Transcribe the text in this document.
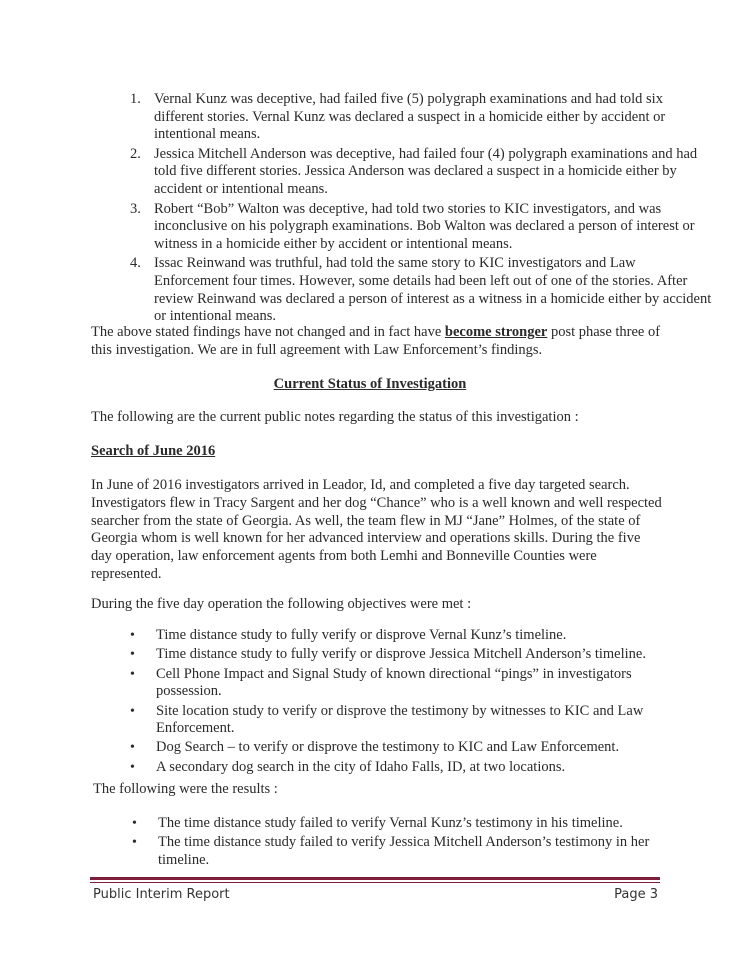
1. Vernal Kunz was deceptive, had failed five (5) polygraph examinations and had told six different stories. Vernal Kunz was declared a suspect in a homicide either by accident or intentional means.
2. Jessica Mitchell Anderson was deceptive, had failed four (4) polygraph examinations and had told five different stories. Jessica Anderson was declared a suspect in a homicide either by accident or intentional means.
3. Robert “Bob” Walton was deceptive, had told two stories to KIC investigators, and was inconclusive on his polygraph examinations. Bob Walton was declared a person of interest or witness in a homicide either by accident or intentional means.
4. Issac Reinwand was truthful, had told the same story to KIC investigators and Law Enforcement four times. However, some details had been left out of one of the stories. After review Reinwand was declared a person of interest as a witness in a homicide either by accident or intentional means.

The above stated findings have not changed and in fact have become stronger post phase three of this investigation. We are in full agreement with Law Enforcement’s findings.

Current Status of Investigation

The following are the current public notes regarding the status of this investigation :

Search of June 2016

In June of 2016 investigators arrived in Leador, Id, and completed a five day targeted search. Investigators flew in Tracy Sargent and her dog “Chance” who is a well known and well respected searcher from the state of Georgia. As well, the team flew in MJ “Jane” Holmes, of the state of Georgia whom is well known for her advanced interview and operations skills. During the five day operation, law enforcement agents from both Lemhi and Bonneville Counties were represented.

During the five day operation the following objectives were met :

• Time distance study to fully verify or disprove Vernal Kunz’s timeline.
• Time distance study to fully verify or disprove Jessica Mitchell Anderson’s timeline.
• Cell Phone Impact and Signal Study of known directional “pings” in investigators possession.
• Site location study to verify or disprove the testimony by witnesses to KIC and Law Enforcement.
• Dog Search – to verify or disprove the testimony to KIC and Law Enforcement.
• A secondary dog search in the city of Idaho Falls, ID, at two locations.

The following were the results :

• The time distance study failed to verify Vernal Kunz’s testimony in his timeline.
• The time distance study failed to verify Jessica Mitchell Anderson’s testimony in her timeline.
Public Interim Report	Page 3
